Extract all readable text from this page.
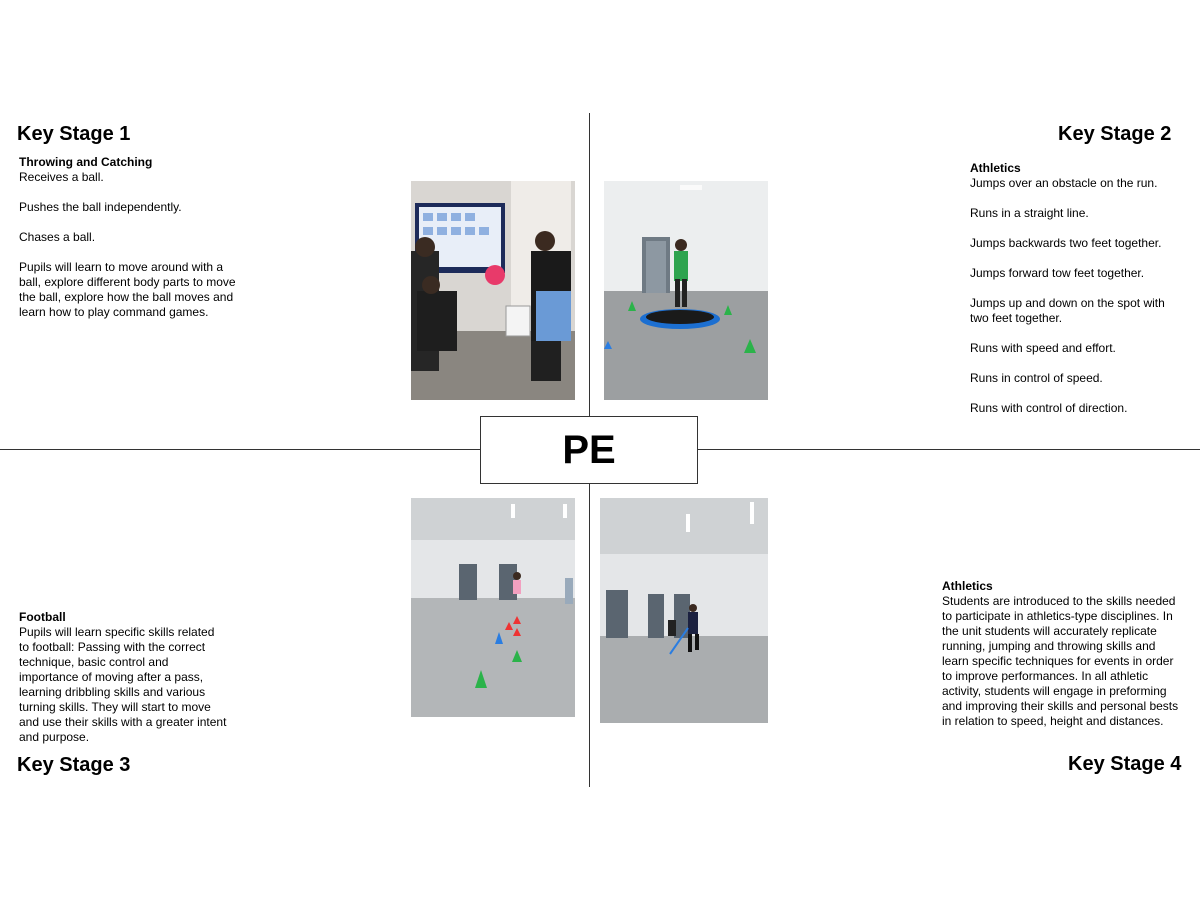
Key Stage 1	Key Stage 2
Key Stage 3	Key Stage 4
Throwing and Catching

Receives a ball.

Pushes the ball independently.

Chases a ball.

Pupils will learn to move around with a ball, explore different body parts to move the ball, explore how the ball moves and learn how to play command games.

Athletics

Jumps over an obstacle on the run.

Runs in a straight line.

Jumps backwards two feet together.

Jumps forward tow feet together.

Jumps up and down on the spot with two feet together.

Runs with speed and effort.

Runs in control of speed.

Runs with control of direction.

Football
Pupils will learn specific skills related to football: Passing with the correct technique, basic control and importance of moving after a pass, learning dribbling skills and various turning skills. They will start to move and use their skills with a greater intent and purpose.
Athletics
Students are introduced to the skills needed to participate in athletics-type disciplines. In the unit students will accurately replicate running, jumping and throwing skills and learn specific techniques for events in order to improve performances. In all athletic activity, students will engage in preforming and improving their skills and personal bests in relation to speed, height and distances.
PE
